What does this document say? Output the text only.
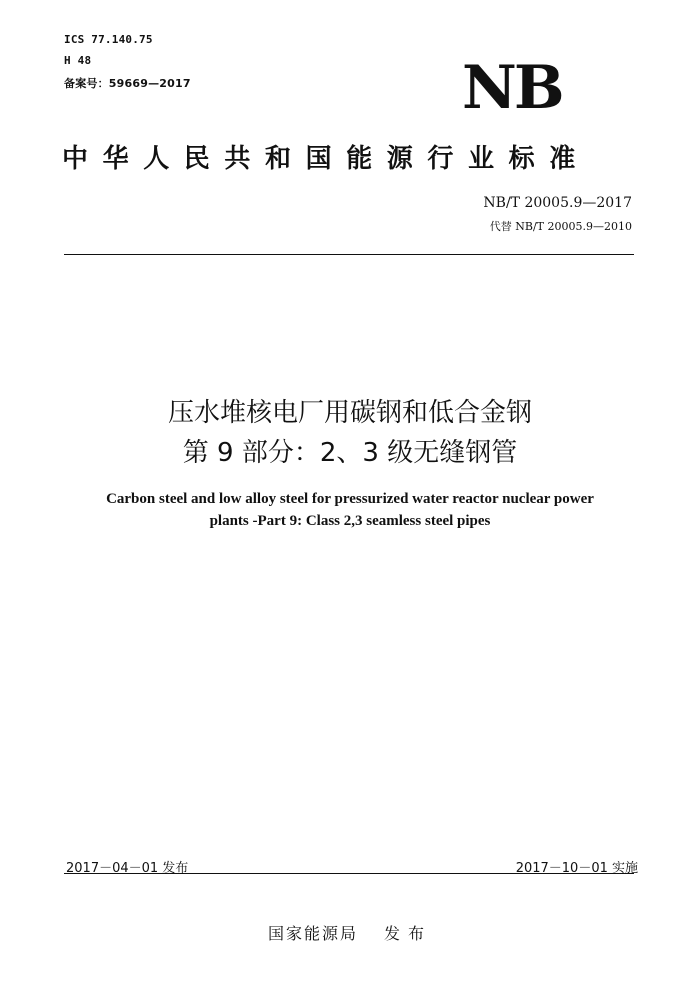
ICS 77.140.75
H 48
备案号：59669—2017	NB
中华人民共和国能源行业标准
NB/T 20005.9—2017
代替 NB/T 20005.9—2010
压水堆核电厂用碳钢和低合金钢
第 9 部分：2、3 级无缝钢管
Carbon steel and low alloy steel for pressurized water reactor nuclear power
plants -Part 9: Class 2,3 seamless steel pipes
2017－04－01 发布	2017－10－01 实施
国家能源局 发布
